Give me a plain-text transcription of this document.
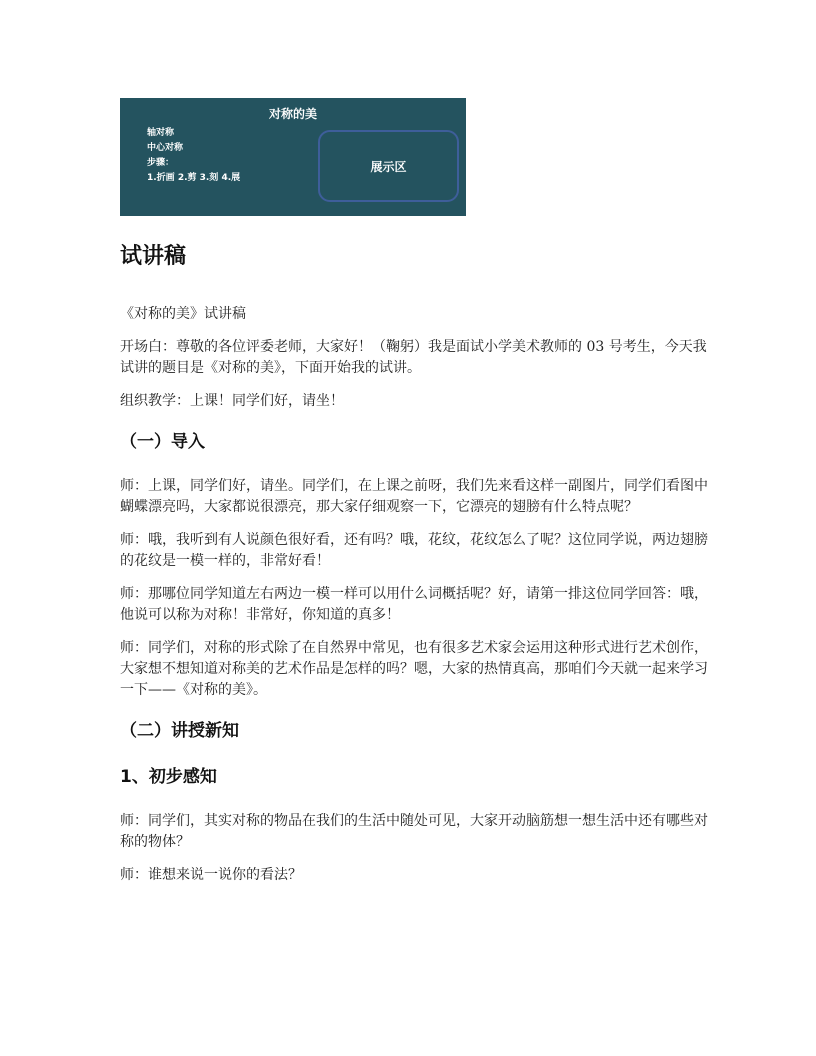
对称的美
轴对称
中心对称
步骤：
1.折画 2.剪 3.刻 4.展
展示区
试讲稿

《对称的美》试讲稿

开场白：尊敬的各位评委老师，大家好！（鞠躬）我是面试小学美术教师的 03 号考生，今天我试讲的题目是《对称的美》，下面开始我的试讲。

组织教学：上课！同学们好，请坐！

（一）导入

师：上课，同学们好，请坐。同学们，在上课之前呀，我们先来看这样一副图片，同学们看图中蝴蝶漂亮吗，大家都说很漂亮，那大家仔细观察一下，它漂亮的翅膀有什么特点呢？

师：哦，我听到有人说颜色很好看，还有吗？哦，花纹，花纹怎么了呢？这位同学说，两边翅膀的花纹是一模一样的，非常好看！

师：那哪位同学知道左右两边一模一样可以用什么词概括呢？好，请第一排这位同学回答：哦，他说可以称为对称！非常好，你知道的真多！

师：同学们，对称的形式除了在自然界中常见，也有很多艺术家会运用这种形式进行艺术创作，大家想不想知道对称美的艺术作品是怎样的吗？嗯，大家的热情真高，那咱们今天就一起来学习一下——《对称的美》。

（二）讲授新知
1、初步感知

师：同学们，其实对称的物品在我们的生活中随处可见，大家开动脑筋想一想生活中还有哪些对称的物体？

师：谁想来说一说你的看法？
